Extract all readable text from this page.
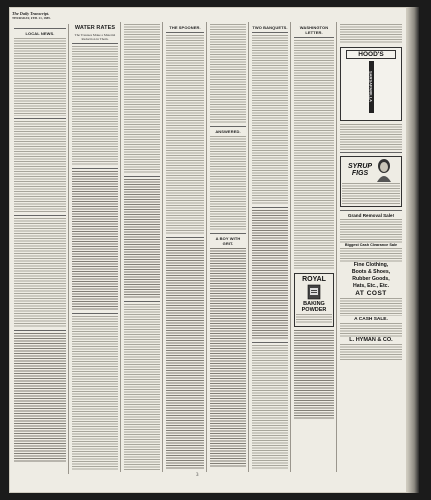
The Daily Transcript.
THURSDAY, FEB. 21, 1889.
LOCAL NEWS.
WATER RATES
The Trustees Make a Material Reduction in Them.
THE SPOONER.
ANSWERED.
A BOY WITH GRIT.
TWO BANQUETS.	WASHINGTON LETTER.
ROYAL
BAKING
POWDER
HOOD'S
SARSAPARILLA
SYRUP
FIGS
Grand Removal Sale!
Biggest Cash Clearance Sale
Fine Clothing,
Boots & Shoes,
Rubber Goods,
Hats, Etc., Etc.
AT COST
A CASH SALE.
L. HYMAN & CO.
3
